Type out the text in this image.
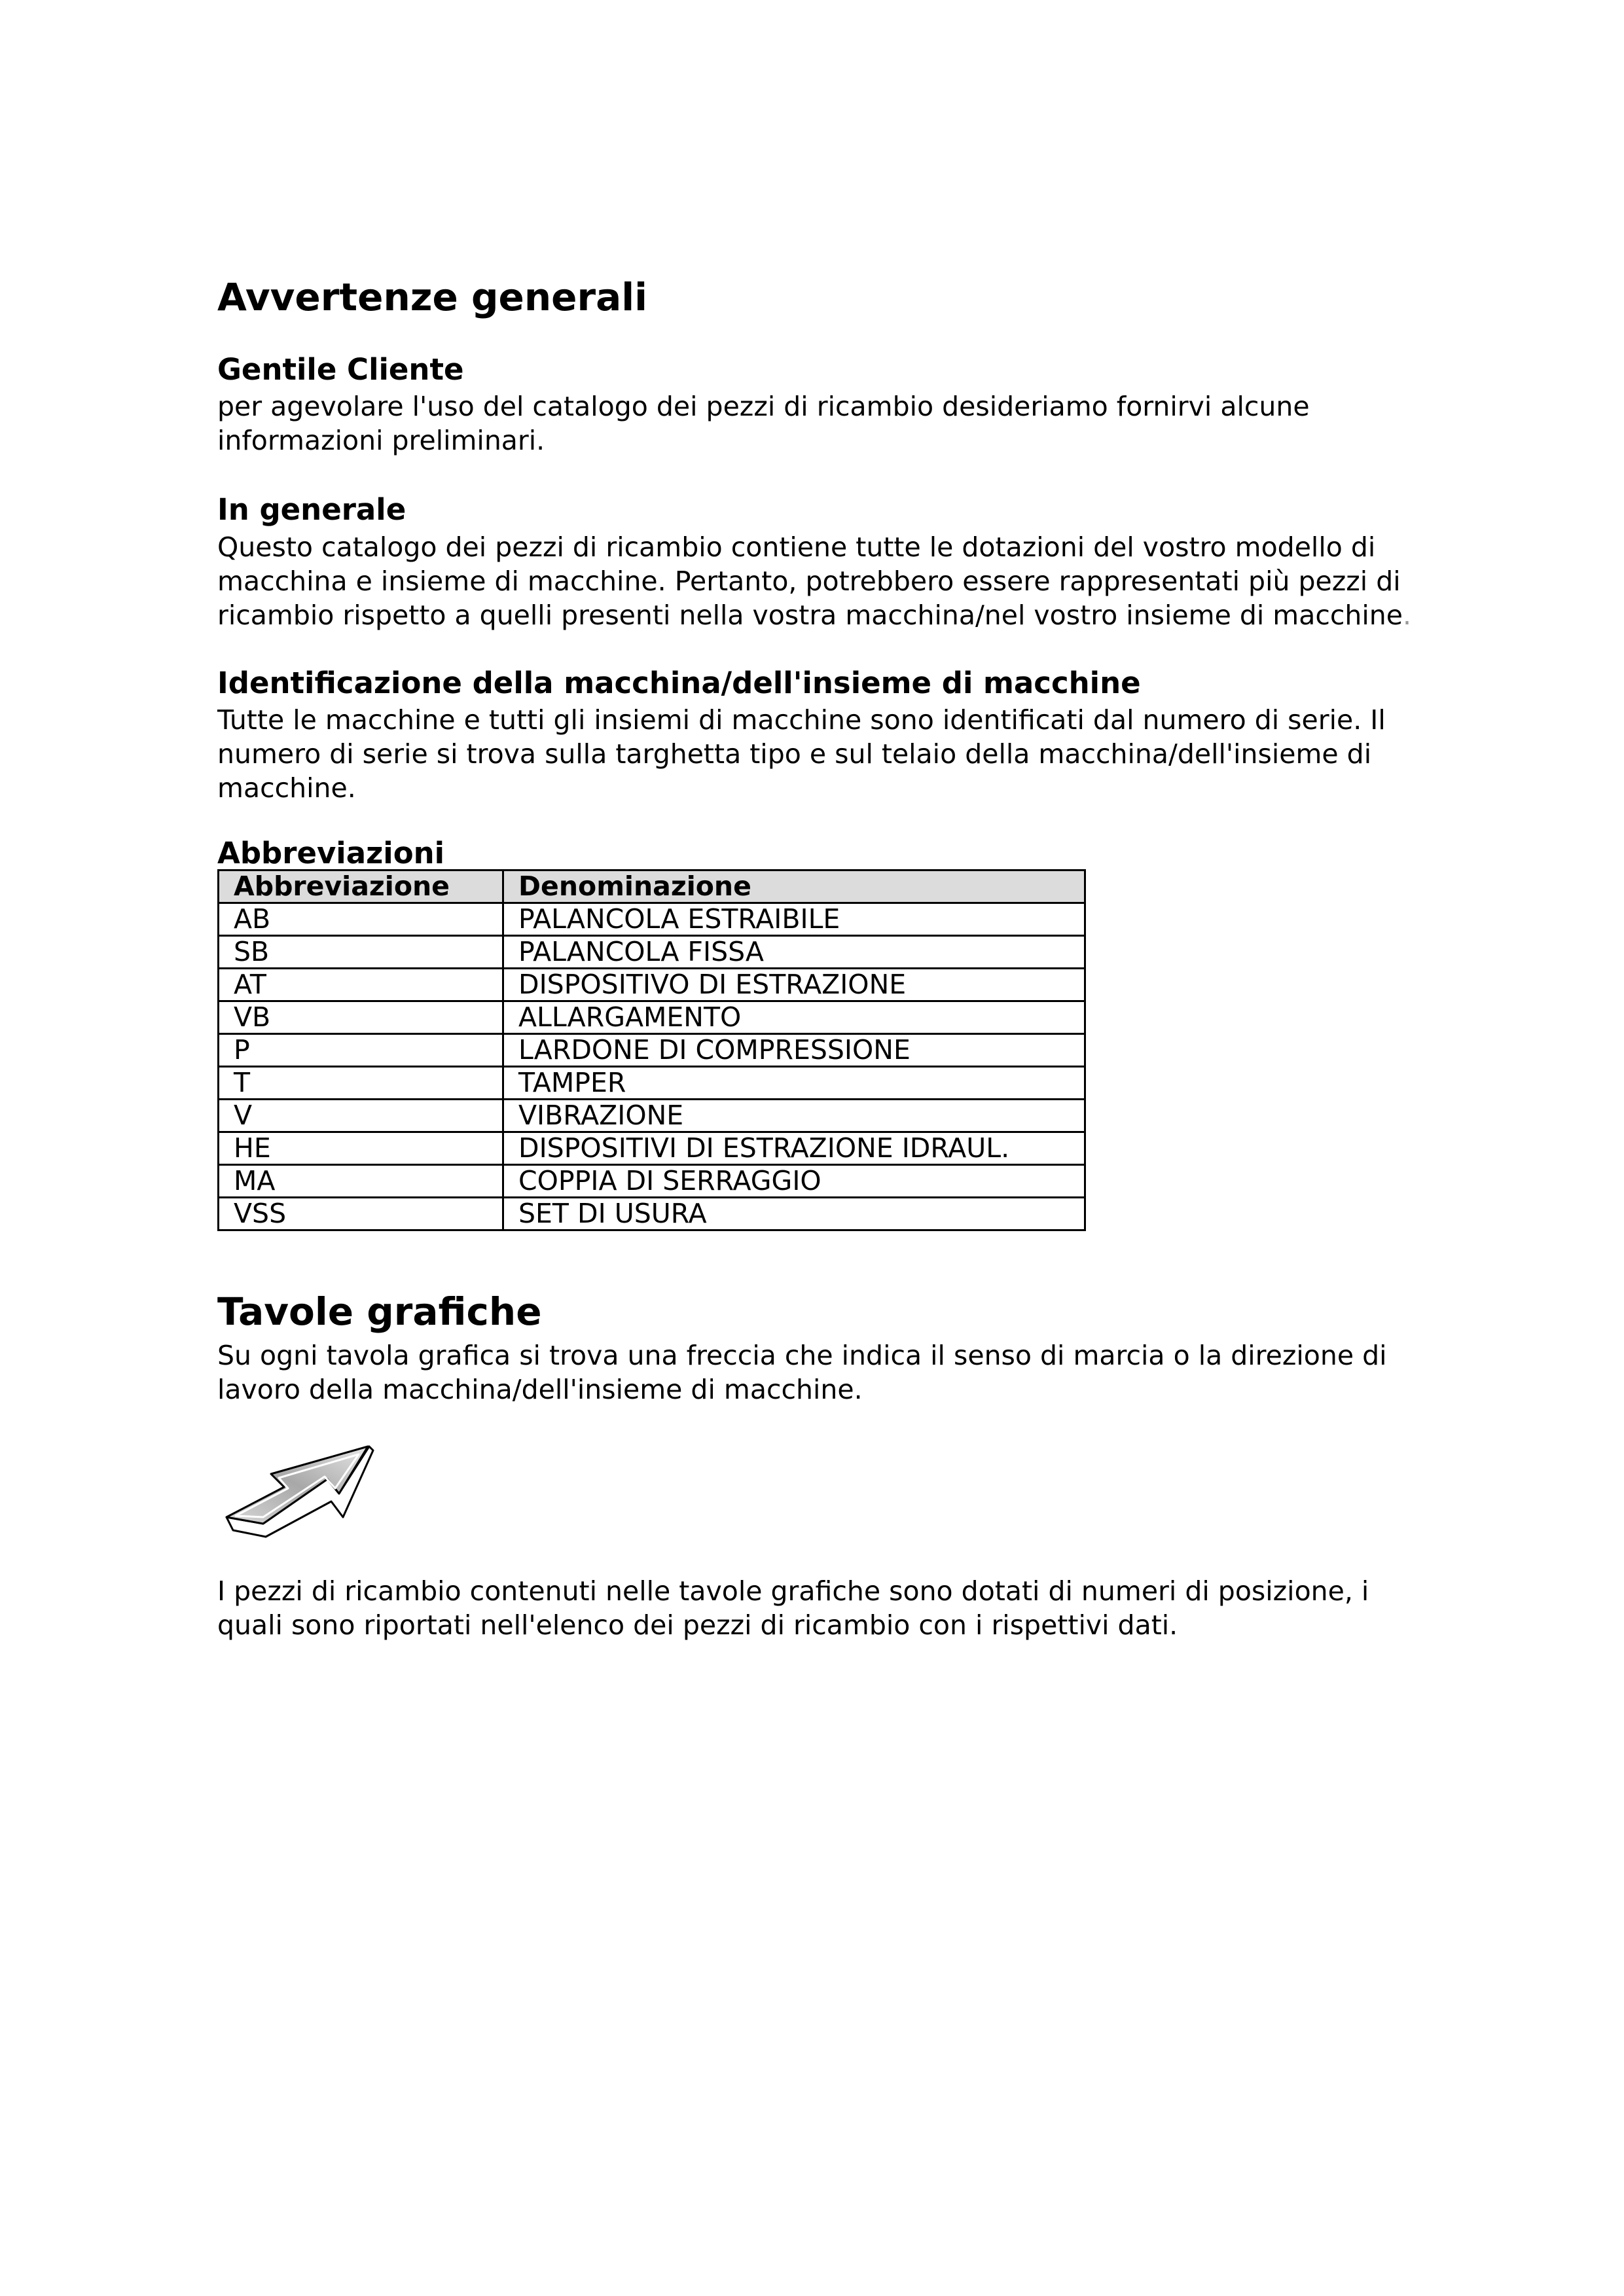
Avvertenze generali
Gentile Cliente

per agevolare l'uso del catalogo dei pezzi di ricambio desideriamo fornirvi alcune

informazioni preliminari.

In generale

Questo catalogo dei pezzi di ricambio contiene tutte le dotazioni del vostro modello di

macchina e insieme di macchine. Pertanto, potrebbero essere rappresentati più pezzi di

ricambio rispetto a quelli presenti nella vostra macchina/nel vostro insieme di macchine.

Identificazione della macchina/dell'insieme di macchine

Tutte le macchine e tutti gli insiemi di macchine sono identificati dal numero di serie. Il

numero di serie si trova sulla targhetta tipo e sul telaio della macchina/dell'insieme di

macchine.

Abbreviazioni
Abbreviazione	Denominazione
AB	PALANCOLA ESTRAIBILE
SB	PALANCOLA FISSA
AT	DISPOSITIVO DI ESTRAZIONE
VB	ALLARGAMENTO
P	LARDONE DI COMPRESSIONE
T	TAMPER
V	VIBRAZIONE
HE	DISPOSITIVI DI ESTRAZIONE IDRAUL.
MA	COPPIA DI SERRAGGIO
VSS	SET DI USURA
Tavole grafiche

Su ogni tavola grafica si trova una freccia che indica il senso di marcia o la direzione di

lavoro della macchina/dell'insieme di macchine.

I pezzi di ricambio contenuti nelle tavole grafiche sono dotati di numeri di posizione, i

quali sono riportati nell'elenco dei pezzi di ricambio con i rispettivi dati.
